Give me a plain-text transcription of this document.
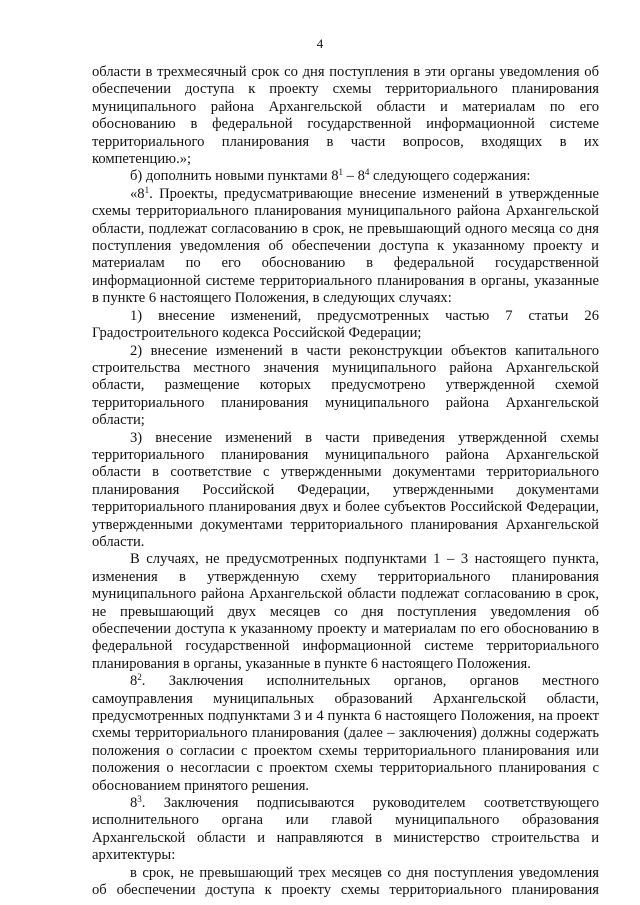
4

области в трехмесячный срок со дня поступления в эти органы уведомления об обеспечении доступа к проекту схемы территориального планирования муниципального района Архангельской области и материалам по его обоснованию в федеральной государственной информационной системе территориального планирования в части вопросов, входящих в их компетенцию.»;

б) дополнить новыми пунктами $8^1 - 8^4$ следующего содержания:

«$8^1$. Проекты, предусматривающие внесение изменений в утвержденные схемы территориального планирования муниципального района Архангельской области, подлежат согласованию в срок, не превышающий одного месяца со дня поступления уведомления об обеспечении доступа к указанному проекту и материалам по его обоснованию в федеральной государственной информационной системе территориального планирования в органы, указанные в пункте 6 настоящего Положения, в следующих случаях:

1) внесение изменений, предусмотренных частью 7 статьи 26 Градостроительного кодекса Российской Федерации;

2) внесение изменений в части реконструкции объектов капитального строительства местного значения муниципального района Архангельской области, размещение которых предусмотрено утвержденной схемой территориального планирования муниципального района Архангельской области;

3) внесение изменений в части приведения утвержденной схемы территориального планирования муниципального района Архангельской области в соответствие с утвержденными документами территориального планирования Российской Федерации, утвержденными документами территориального планирования двух и более субъектов Российской Федерации, утвержденными документами территориального планирования Архангельской области.

В случаях, не предусмотренных подпунктами 1 – 3 настоящего пункта, изменения в утвержденную схему территориального планирования муниципального района Архангельской области подлежат согласованию в срок, не превышающий двух месяцев со дня поступления уведомления об обеспечении доступа к указанному проекту и материалам по его обоснованию в федеральной государственной информационной системе территориального планирования в органы, указанные в пункте 6 настоящего Положения.

$8^2$. Заключения исполнительных органов, органов местного самоуправления муниципальных образований Архангельской области, предусмотренных подпунктами 3 и 4 пункта 6 настоящего Положения, на проект схемы территориального планирования (далее – заключения) должны содержать положения о согласии с проектом схемы территориального планирования или положения о несогласии с проектом схемы территориального планирования с обоснованием принятого решения.

$8^3$. Заключения подписываются руководителем соответствующего исполнительного органа или главой муниципального образования Архангельской области и направляются в министерство строительства и архитектуры:

в срок, не превышающий трех месяцев со дня поступления уведомления об обеспечении доступа к проекту схемы территориального планирования
